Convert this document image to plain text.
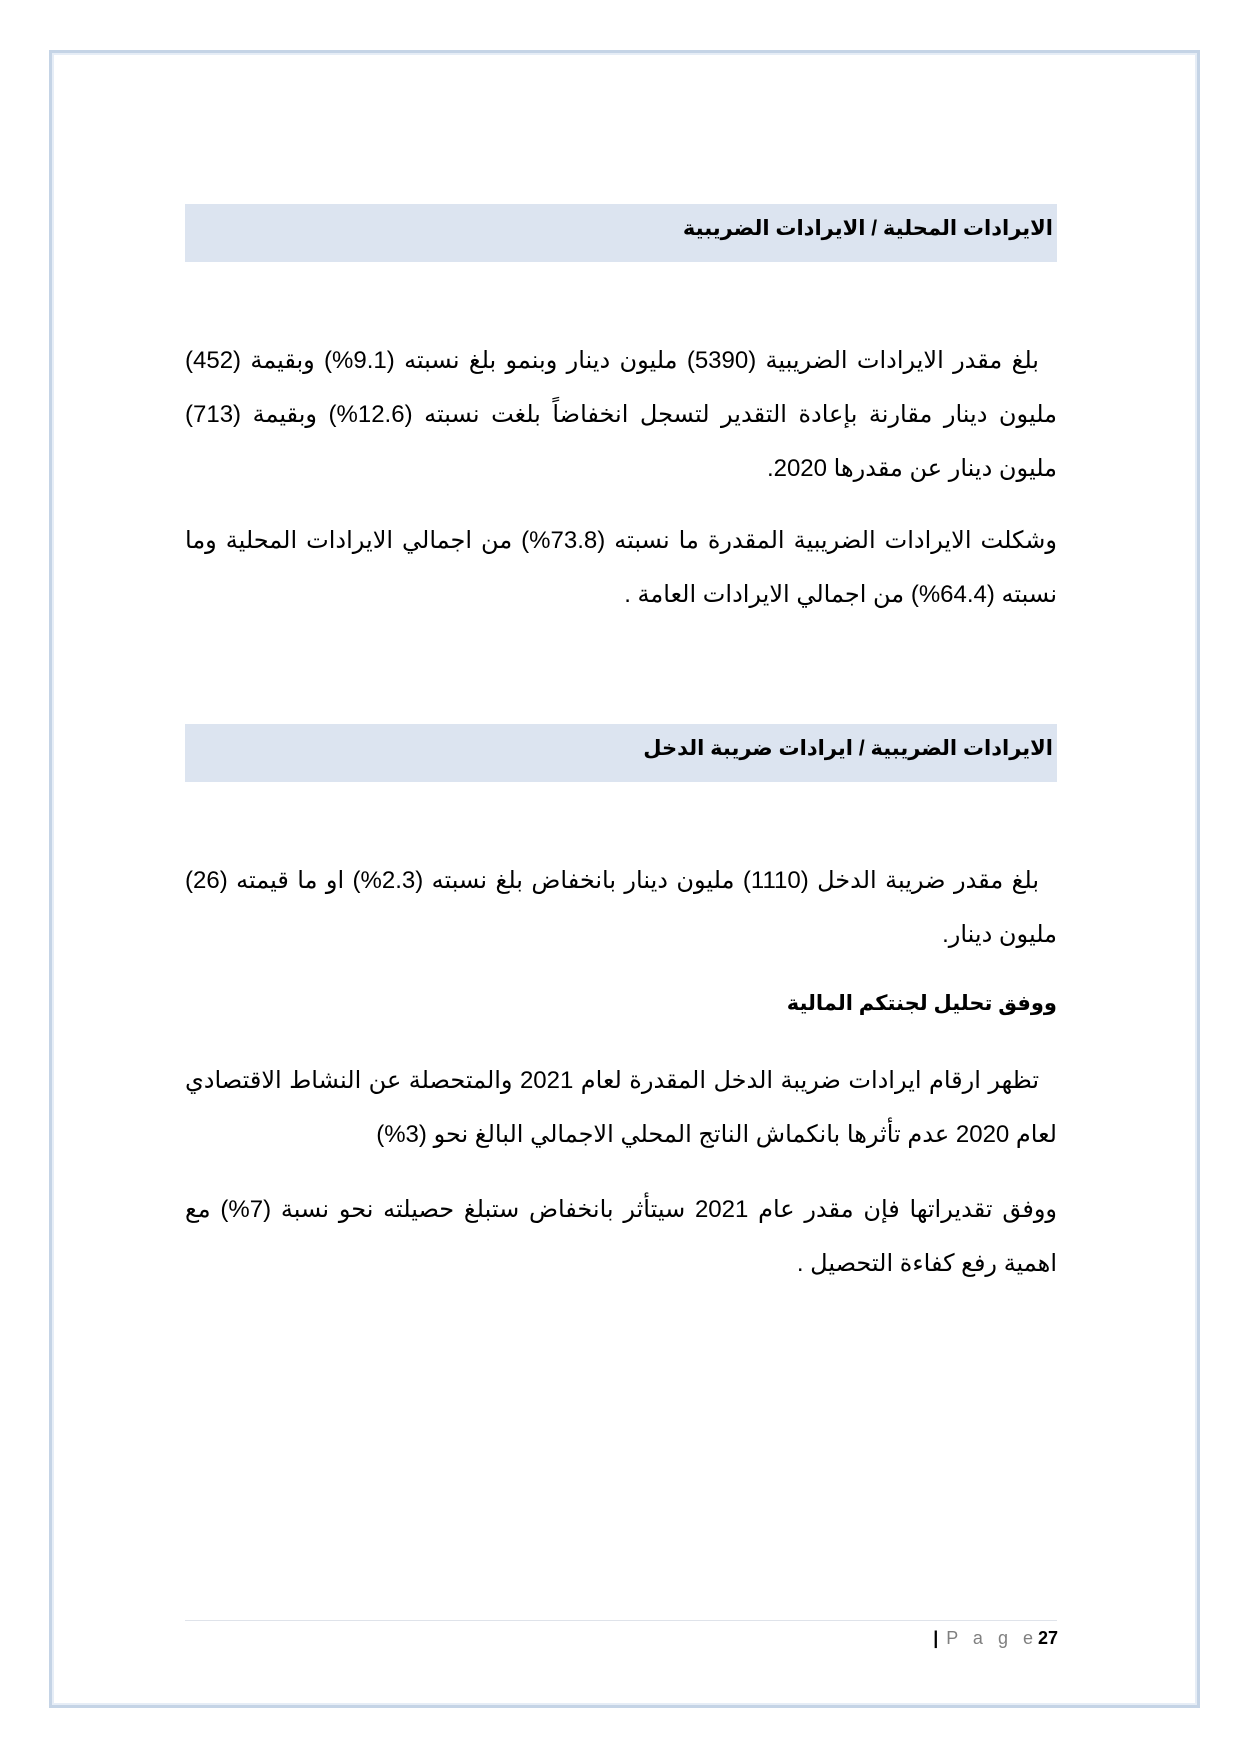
الايرادات المحلية / الايرادات الضريبية

بلغ مقدر الايرادات الضريبية (5390) مليون دينار وبنمو بلغ نسبته (9.1%) وبقيمة (452) مليون دينار مقارنة بإعادة التقدير لتسجل انخفاضاً بلغت نسبته (12.6%) وبقيمة (713) مليون دينار عن مقدرها 2020.

وشكلت الايرادات الضريبية المقدرة ما نسبته (73.8%) من اجمالي الايرادات المحلية وما نسبته (64.4%) من اجمالي الايرادات العامة .

الايرادات الضريبية / ايرادات ضريبة الدخل

بلغ مقدر ضريبة الدخل (1110) مليون دينار بانخفاض بلغ نسبته (2.3%) او ما قيمته (26) مليون دينار.

ووفق تحليل لجنتكم المالية

تظهر ارقام ايرادات ضريبة الدخل المقدرة لعام 2021 والمتحصلة عن النشاط الاقتصادي لعام 2020 عدم تأثرها بانكماش الناتج المحلي الاجمالي البالغ نحو (3%)

ووفق تقديراتها فإن مقدر عام 2021 سيتأثر بانخفاض ستبلغ حصيلته نحو نسبة (7%) مع اهمية رفع كفاءة التحصيل .

| P a g e27
